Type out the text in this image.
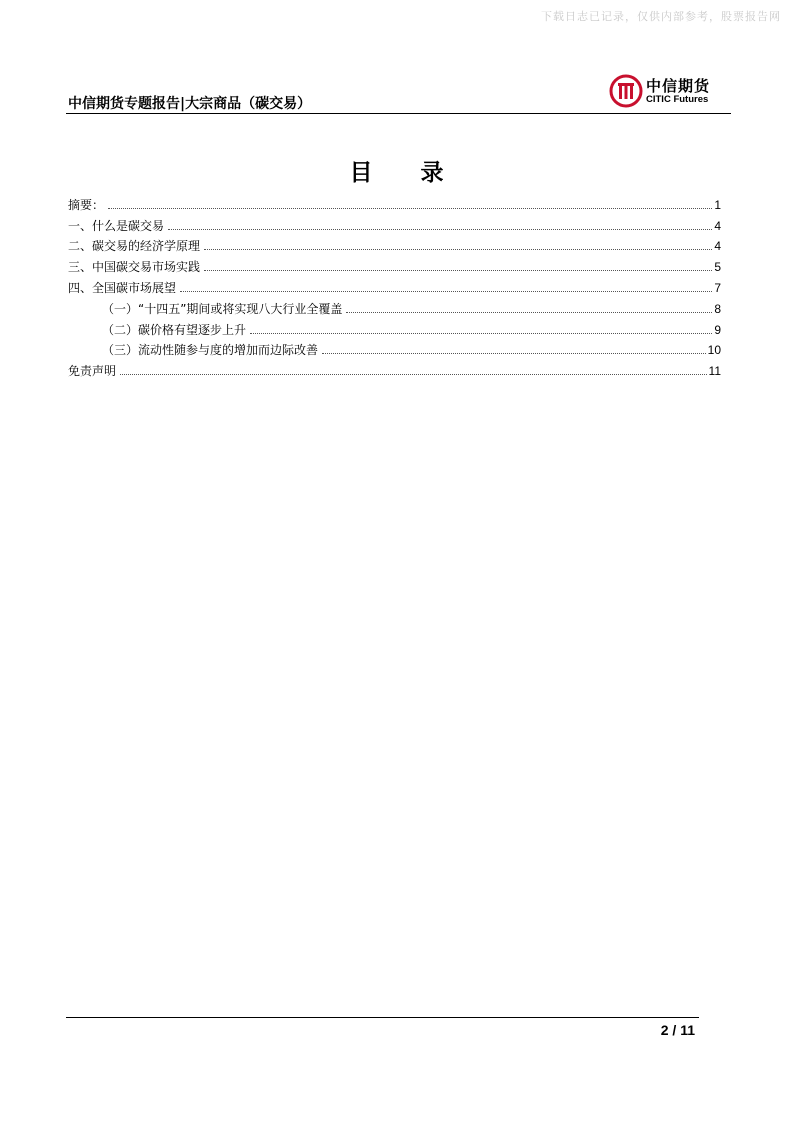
下载日志已记录，仅供内部参考，股票报告网
中信期货专题报告|大宗商品（碳交易）
中信期货
CITIC Futures
目 录
摘要：	1
一、什么是碳交易	4
二、碳交易的经济学原理	4
三、中国碳交易市场实践	5
四、全国碳市场展望	7
（一）“十四五”期间或将实现八大行业全覆盖	8
（二）碳价格有望逐步上升	9
（三）流动性随参与度的增加而边际改善	10
免责声明	11
2 / 11
